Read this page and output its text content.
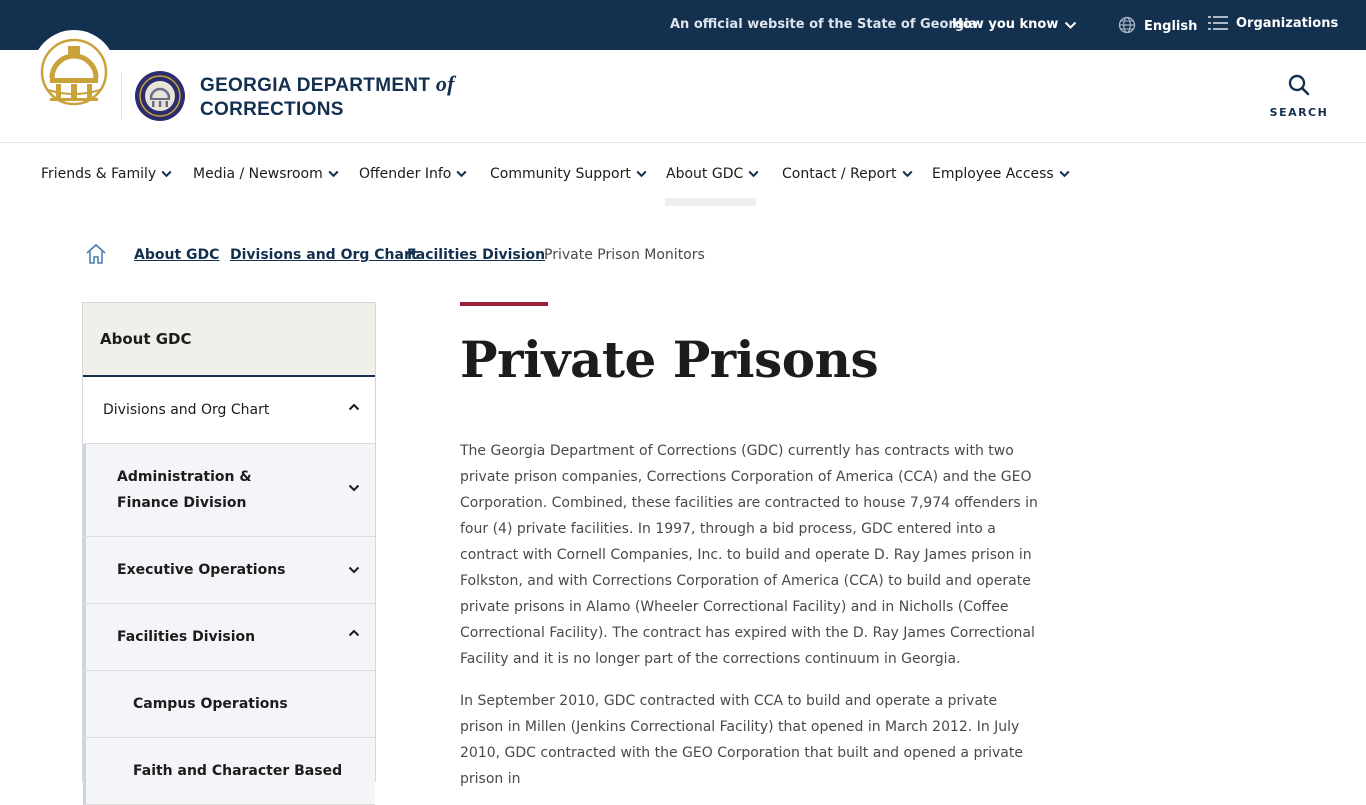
An official website of the State of Georgia.
How you know	English	Organizations
GEORGIA DEPARTMENT of
CORRECTIONS	SEARCH
Friends & Family	Media / Newsroom	Offender Info	Community Support	About GDC	Contact / Report	Employee Access
About GDC Divisions and Org Chart
Facilities Division
Private Prison Monitors
About GDC
Divisions and Org Chart
Administration & Finance Division
Executive Operations
Facilities Division
Campus Operations
Faith and Character Based
Private Prisons

The Georgia Department of Corrections (GDC) currently has contracts with two private prison companies, Corrections Corporation of America (CCA) and the GEO Corporation. Combined, these facilities are contracted to house 7,974 offenders in four (4) private facilities. In 1997, through a bid process, GDC entered into a contract with Cornell Companies, Inc. to build and operate D. Ray James prison in Folkston, and with Corrections Corporation of America (CCA) to build and operate private prisons in Alamo (Wheeler Correctional Facility) and in Nicholls (Coffee Correctional Facility). The contract has expired with the D. Ray James Correctional Facility and it is no longer part of the corrections continuum in Georgia.

In September 2010, GDC contracted with CCA to build and operate a private prison in Millen (Jenkins Correctional Facility) that opened in March 2012. In July 2010, GDC contracted with the GEO Corporation that built and opened a private prison in
